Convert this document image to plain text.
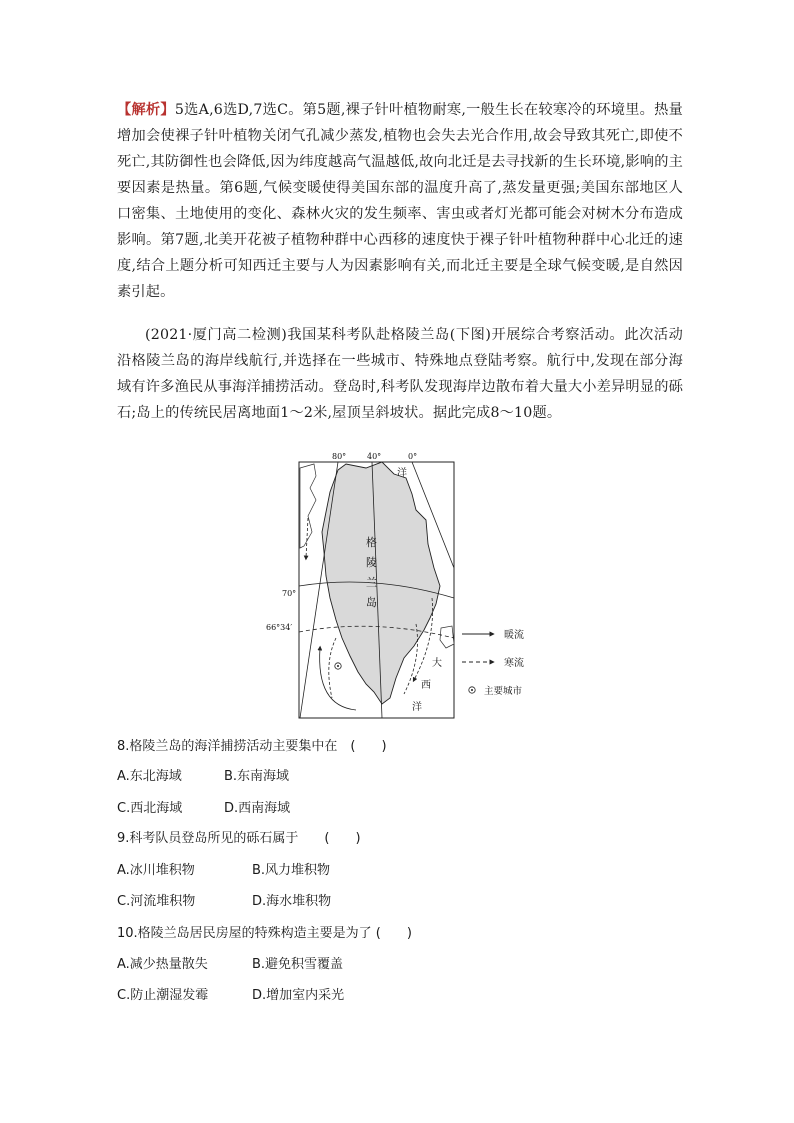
【解析】5选A,6选D,7选C。第5题,裸子针叶植物耐寒,一般生长在较寒冷的环境里。热量增加会使裸子针叶植物关闭气孔减少蒸发,植物也会失去光合作用,故会导致其死亡,即使不死亡,其防御性也会降低,因为纬度越高气温越低,故向北迁是去寻找新的生长环境,影响的主要因素是热量。第6题,气候变暖使得美国东部的温度升高了,蒸发量更强;美国东部地区人口密集、土地使用的变化、森林火灾的发生频率、害虫或者灯光都可能会对树木分布造成影响。第7题,北美开花被子植物种群中心西移的速度快于裸子针叶植物种群中心北迁的速度,结合上题分析可知西迁主要与人为因素影响有关,而北迁主要是全球气候变暖,是自然因素引起。

(2021·厦门高二检测)我国某科考队赴格陵兰岛(下图)开展综合考察活动。此次活动沿格陵兰岛的海岸线航行,并选择在一些城市、特殊地点登陆考察。航行中,发现在部分海域有许多渔民从事海洋捕捞活动。登岛时,科考队发现海岸边散布着大量大小差异明显的砾石;岛上的传统民居离地面1～2米,屋顶呈斜坡状。据此完成8～10题。

80°	40°	0°
洋
70°
66°34′
格
陵
兰
岛
大
西
洋
暖流
寒流
主要城市

8.格陵兰岛的海洋捕捞活动主要集中在　(　　)

A.东北海域	B.东南海域
C.西北海域	D.西南海域

9.科考队员登岛所见的砾石属于　　(　　)

A.冰川堆积物	B.风力堆积物
C.河流堆积物	D.海水堆积物

10.格陵兰岛居民房屋的特殊构造主要是为了 (　　)

A.减少热量散失	B.避免积雪覆盖
C.防止潮湿发霉	D.增加室内采光
